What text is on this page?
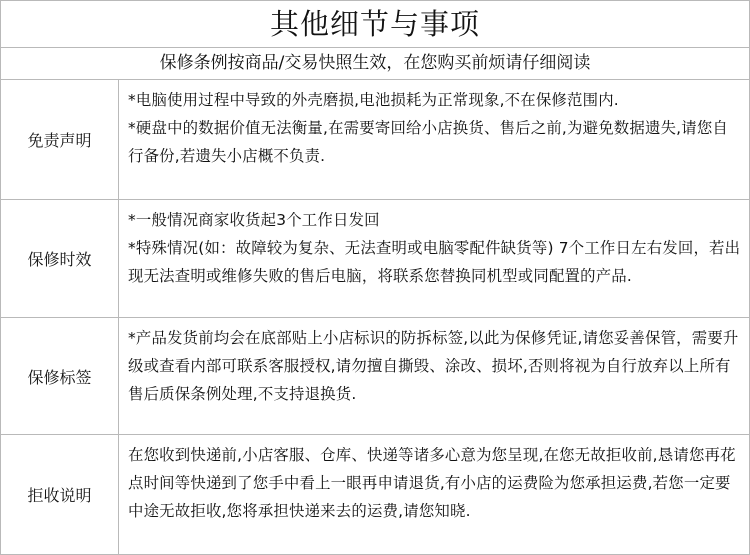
其他细节与事项
保修条例按商品/交易快照生效，在您购买前烦请仔细阅读
免责声明

*电脑使用过程中导致的外壳磨损,电池损耗为正常现象,不在保修范围内.

*硬盘中的数据价值无法衡量,在需要寄回给小店换货、售后之前,为避免数据遗失,请您自行备份,若遗失小店概不负责.

保修时效

*一般情况商家收货起3个工作日发回

*特殊情况(如：故障较为复杂、无法查明或电脑零配件缺货等) 7个工作日左右发回，若出现无法查明或维修失败的售后电脑，将联系您替换同机型或同配置的产品.

保修标签

*产品发货前均会在底部贴上小店标识的防拆标签,以此为保修凭证,请您妥善保管，需要升级或查看内部可联系客服授权,请勿擅自撕毁、涂改、损坏,否则将视为自行放弃以上所有售后质保条例处理,不支持退换货.

拒收说明

在您收到快递前,小店客服、仓库、快递等诸多心意为您呈现,在您无故拒收前,恳请您再花点时间等快递到了您手中看上一眼再申请退货,有小店的运费险为您承担运费,若您一定要中途无故拒收,您将承担快递来去的运费,请您知晓.
